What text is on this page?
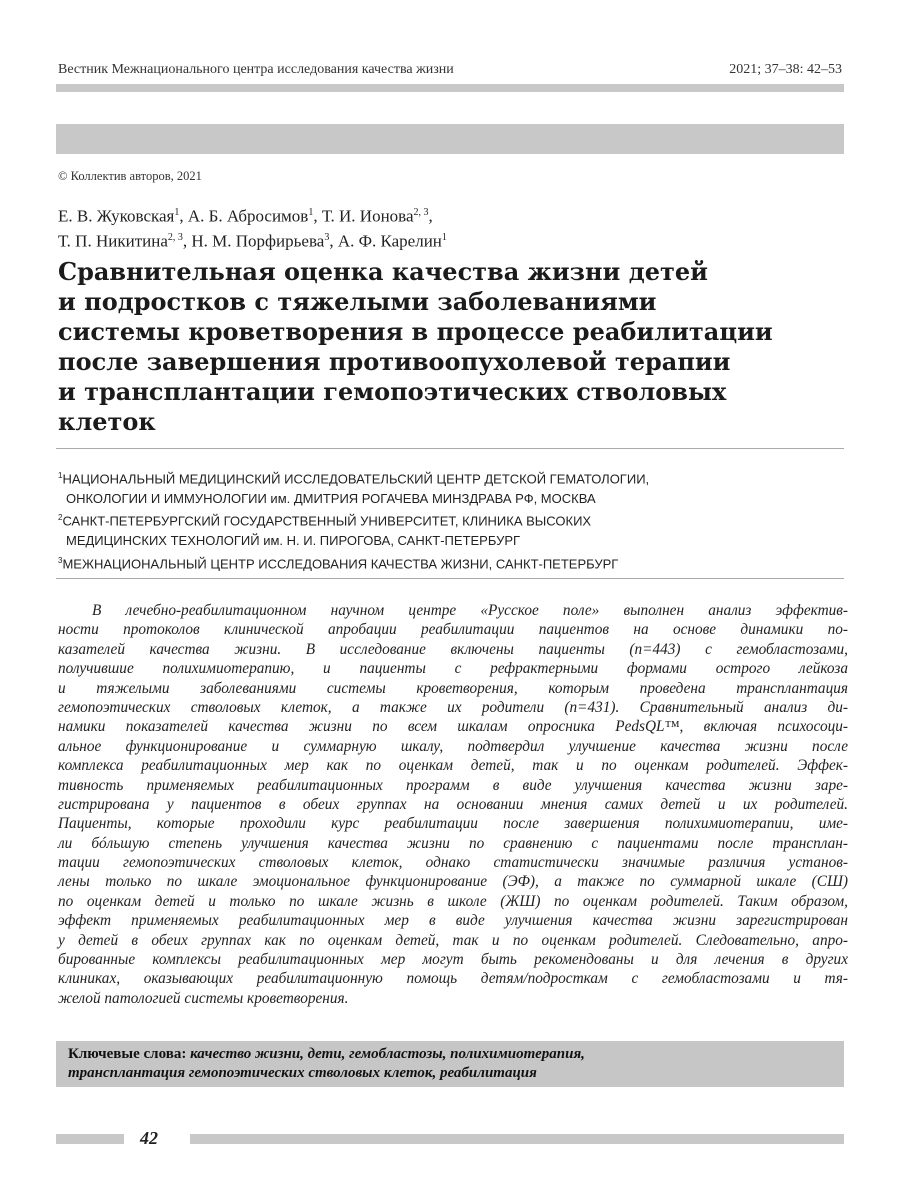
Вестник Межнационального центра исследования качества жизни	2021; 37–38: 42–53
© Коллектив авторов, 2021
Е. В. Жуковская$^1$, А. Б. Абросимов$^1$, Т. И. Ионова$^{2, 3}$,
Т. П. Никитина$^{2, 3}$, Н. М. Порфирьева$^3$, А. Ф. Карелин$^1$
Сравнительная оценка качества жизни детей
и подростков с тяжелыми заболеваниями
системы кроветворения в процессе реабилитации
после завершения противоопухолевой терапии
и трансплантации гемопоэтических стволовых
клеток
$^1$НАЦИОНАЛЬНЫЙ МЕДИЦИНСКИЙ ИССЛЕДОВАТЕЛЬСКИЙ ЦЕНТР ДЕТСКОЙ ГЕМАТОЛОГИИ,
ОНКОЛОГИИ И ИММУНОЛОГИИ им. ДМИТРИЯ РОГАЧЕВА МИНЗДРАВА РФ, МОСКВА
$^2$САНКТ-ПЕТЕРБУРГСКИЙ ГОСУДАРСТВЕННЫЙ УНИВЕРСИТЕТ, КЛИНИКА ВЫСОКИХ
МЕДИЦИНСКИХ ТЕХНОЛОГИЙ им. Н. И. ПИРОГОВА, САНКТ-ПЕТЕРБУРГ
$^3$МЕЖНАЦИОНАЛЬНЫЙ ЦЕНТР ИССЛЕДОВАНИЯ КАЧЕСТВА ЖИЗНИ, САНКТ-ПЕТЕРБУРГ
В лечебно-реабилитационном научном центре «Русское поле» выполнен анализ эффектив-
ности протоколов клинической апробации реабилитации пациентов на основе динамики по-
казателей качества жизни. В исследование включены пациенты (n=443) с гемобластозами,
получившие полихимиотерапию, и пациенты с рефрактерными формами острого лейкоза
и тяжелыми заболеваниями системы кроветворения, которым проведена трансплантация
гемопоэтических стволовых клеток, а также их родители (n=431). Сравнительный анализ ди-
намики показателей качества жизни по всем шкалам опросника PedsQL™, включая психосоци-
альное функционирование и суммарную шкалу, подтвердил улучшение качества жизни после
комплекса реабилитационных мер как по оценкам детей, так и по оценкам родителей. Эффек-
тивность применяемых реабилитационных программ в виде улучшения качества жизни заре-
гистрирована у пациентов в обеих группах на основании мнения самих детей и их родителей.
Пациенты, которые проходили курс реабилитации после завершения полихимиотерапии, име-
ли бóльшую степень улучшения качества жизни по сравнению с пациентами после трансплан-
тации гемопоэтических стволовых клеток, однако статистически значимые различия установ-
лены только по шкале эмоциональное функционирование (ЭФ), а также по суммарной шкале (СШ)
по оценкам детей и только по шкале жизнь в школе (ЖШ) по оценкам родителей. Таким образом,
эффект применяемых реабилитационных мер в виде улучшения качества жизни зарегистрирован
у детей в обеих группах как по оценкам детей, так и по оценкам родителей. Следовательно, апро-
бированные комплексы реабилитационных мер могут быть рекомендованы и для лечения в других
клиниках, оказывающих реабилитационную помощь детям/подросткам с гемобластозами и тя-
желой патологией системы кроветворения.
Ключевые слова: качество жизни, дети, гемобластозы, полихимиотерапия,
трансплантация гемопоэтических стволовых клеток, реабилитация
42
